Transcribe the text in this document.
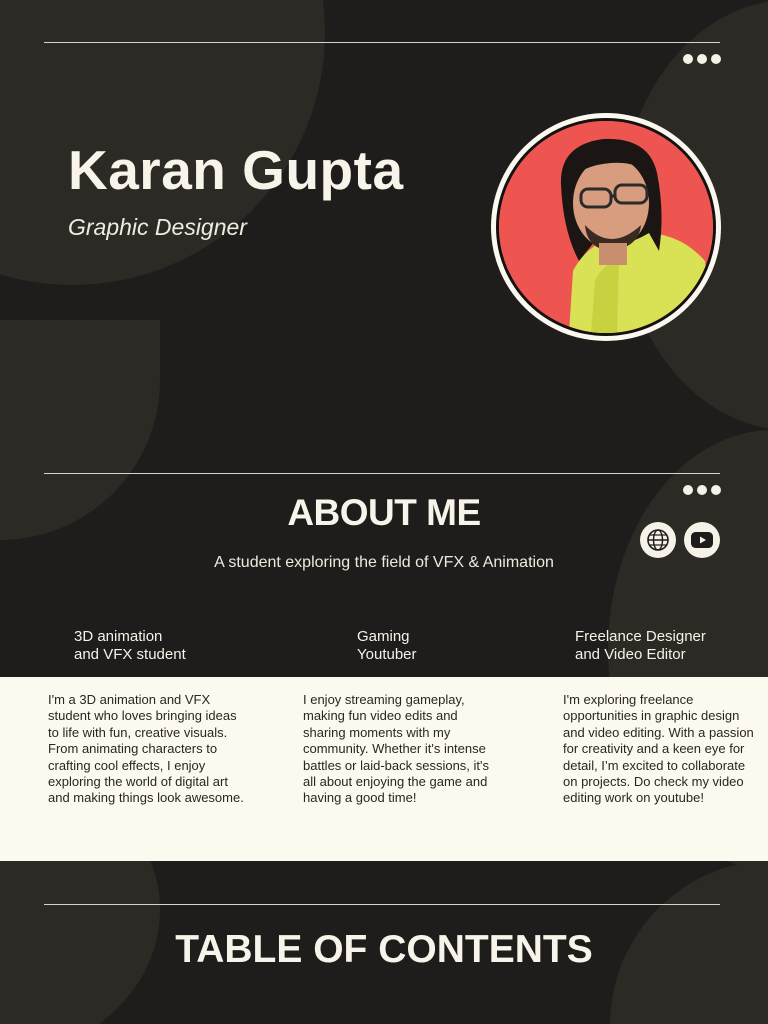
Karan Gupta
Graphic Designer
ABOUT ME
A student exploring the field of VFX & Animation
3D animation
and VFX student
Gaming
Youtuber
Freelance Designer
and Video Editor
I'm a 3D animation and VFX student who loves bringing ideas to life with fun, creative visuals. From animating characters to crafting cool effects, I enjoy exploring the world of digital art and making things look awesome.
I enjoy streaming gameplay, making fun video edits and sharing moments with my community. Whether it's intense battles or laid-back sessions, it's all about enjoying the game and having a good time!
I'm exploring freelance opportunities in graphic design and video editing. With a passion for creativity and a keen eye for detail, I’m excited to collaborate on projects. Do check my video editing work on youtube!
TABLE OF CONTENTS
